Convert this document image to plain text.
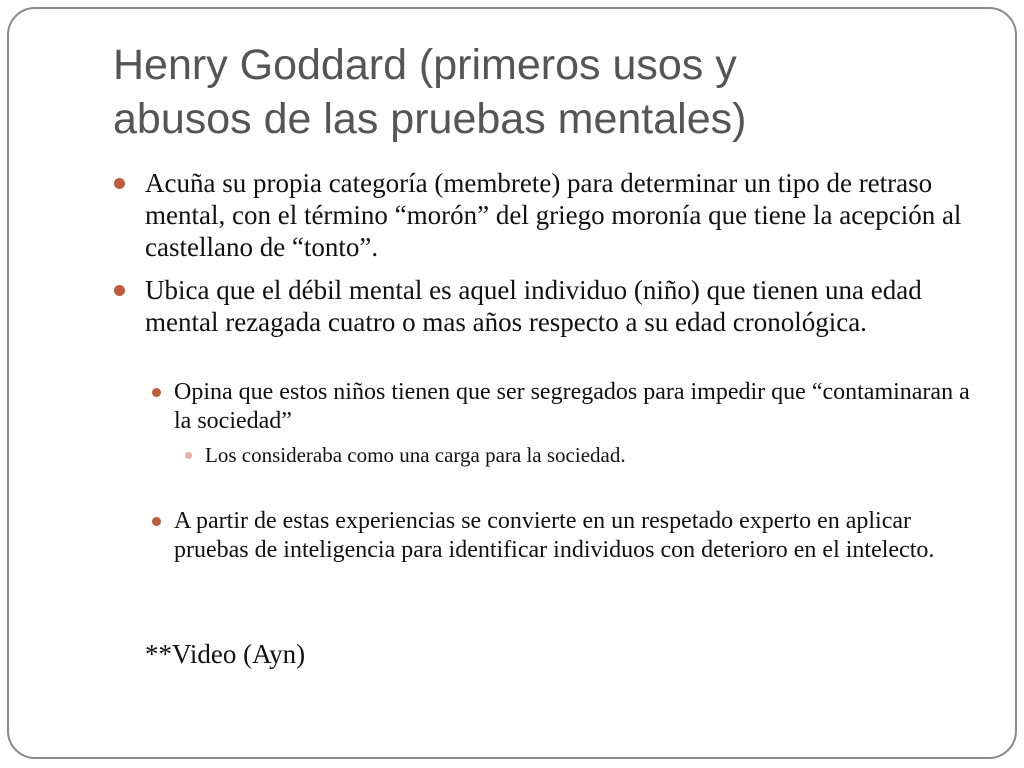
Henry Goddard (primeros usos y
abusos de las pruebas mentales)
Acuña su propia categoría (membrete) para determinar un tipo de retraso mental, con el término “morón” del griego moronía que tiene la acepción al castellano de “tonto”.
Ubica que el débil mental es aquel individuo (niño) que tienen una edad mental rezagada cuatro o mas años respecto a su edad cronológica.
Opina que estos niños tienen que ser segregados para impedir que “contaminaran a la sociedad”
Los consideraba como una carga para la sociedad.
A partir de estas experiencias se convierte en un respetado experto en aplicar pruebas de inteligencia para identificar individuos con deterioro en el intelecto.
**Video (Ayn)
